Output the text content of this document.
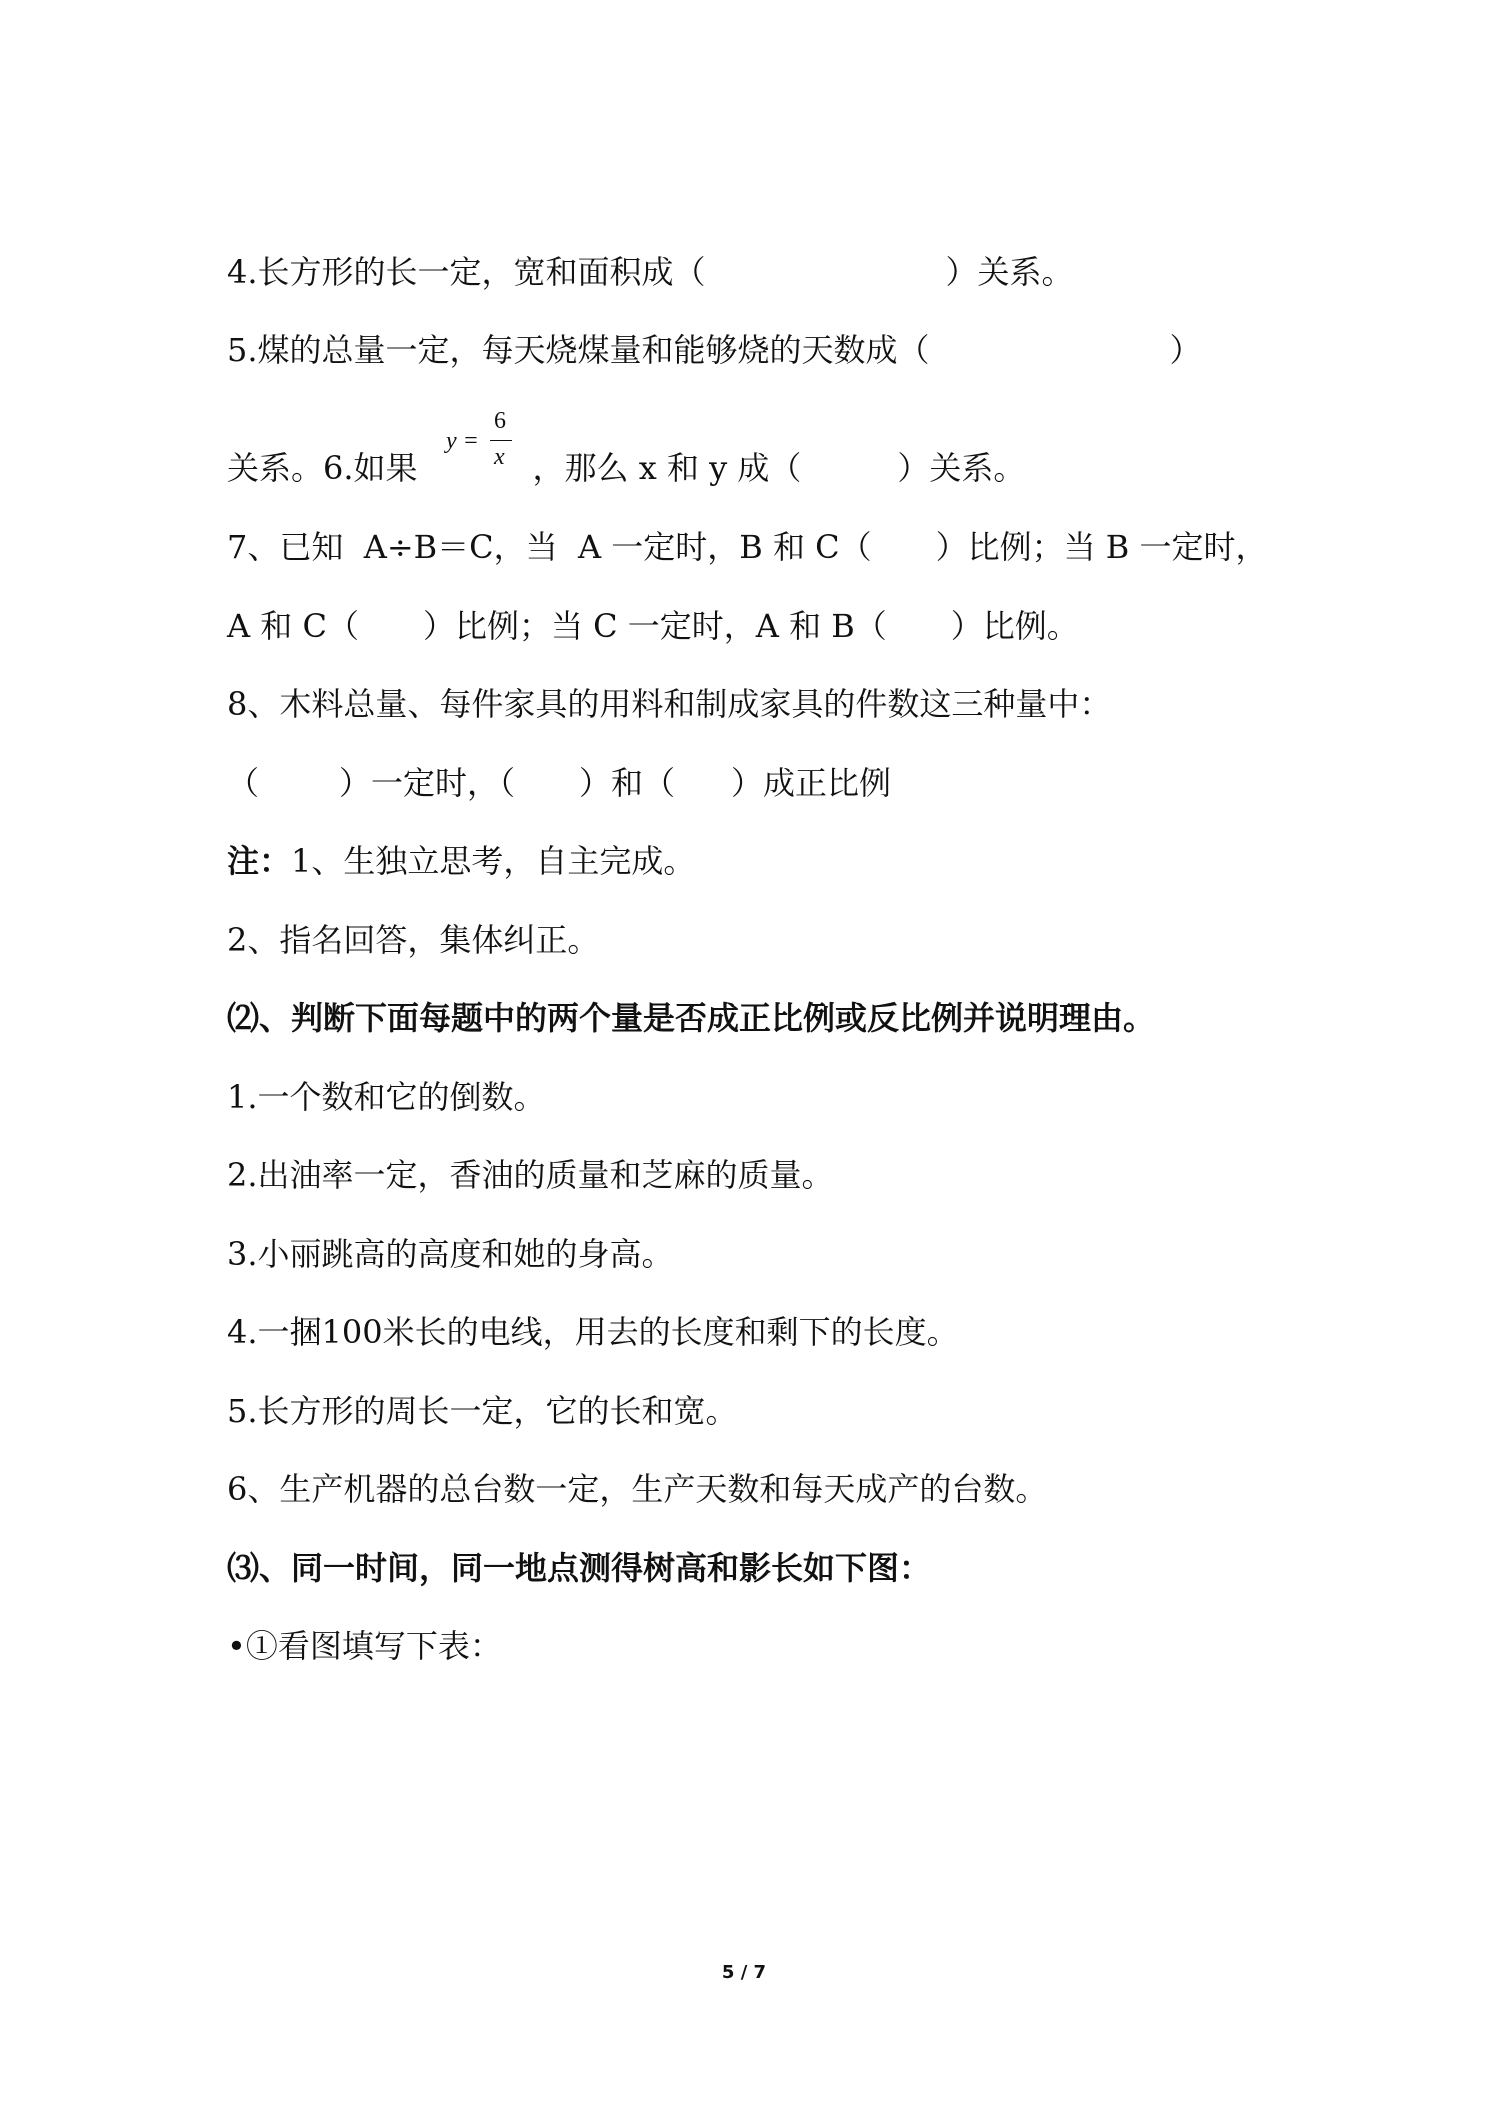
4.长方形的长一定，宽和面积成（	）关系。
5.煤的总量一定，每天烧煤量和能够烧的天数成（	）
y =
6
x
关系。6.如果	，那么 x 和 y 成（	）关系。
7、已知  A÷B＝C，当  A 一定时，B 和 C（ ）比例；当 B 一定时，
A 和 C（ ）比例；当 C 一定时，A 和 B（ ）比例。
8、木料总量、每件家具的用料和制成家具的件数这三种量中：
（	）一定时，（ ）和（ ）成正比例
注：1、生独立思考，自主完成。
2、指名回答，集体纠正。
⑵、判断下面每题中的两个量是否成正比例或反比例并说明理由。
1.一个数和它的倒数。
2.出油率一定，香油的质量和芝麻的质量。
3.小丽跳高的高度和她的身高。
4.一捆100米长的电线，用去的长度和剩下的长度。
5.长方形的周长一定，它的长和宽。
6、生产机器的总台数一定，生产天数和每天成产的台数。
⑶、同一时间，同一地点测得树高和影长如下图：
•①看图填写下表：
5 / 7
